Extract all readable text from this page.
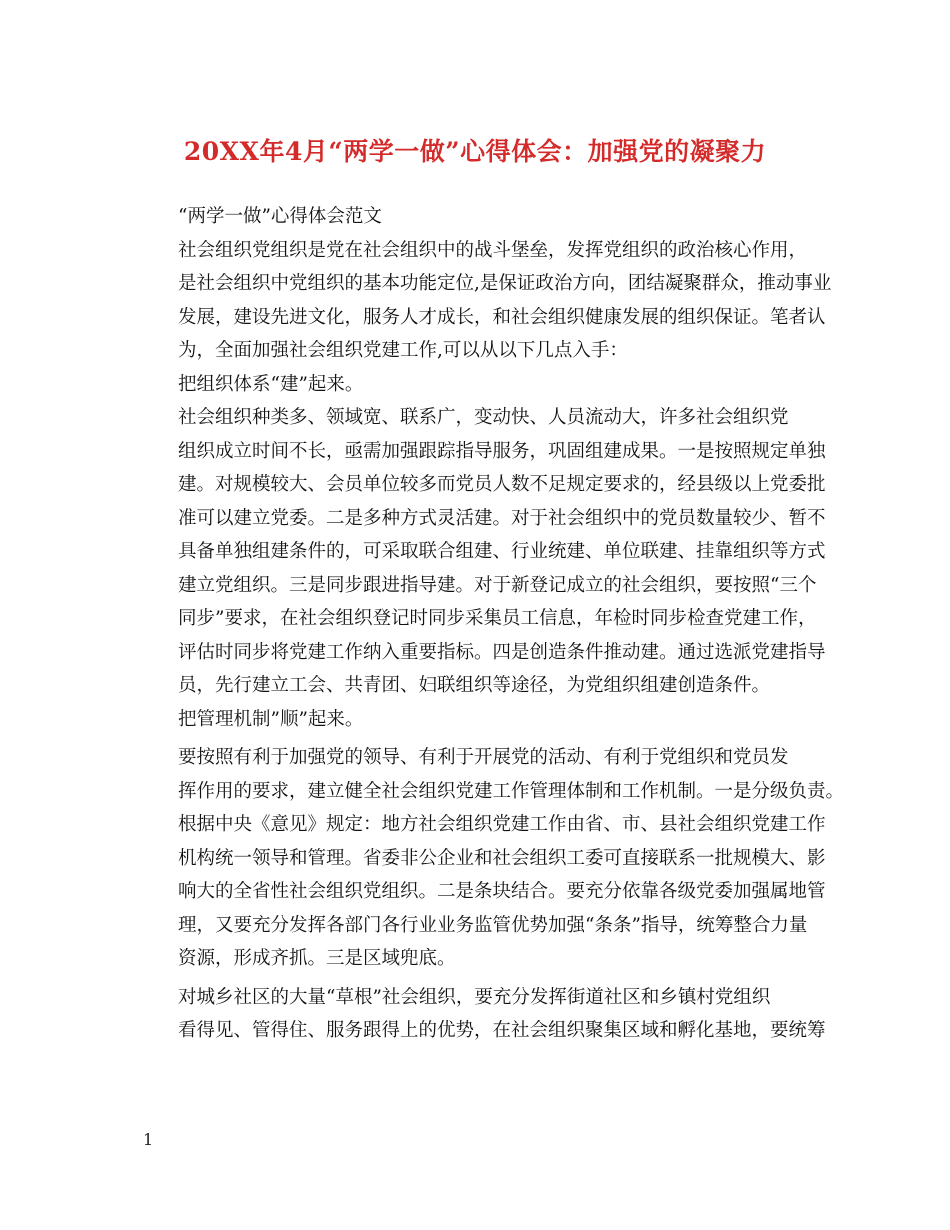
20XX年4月“两学一做”心得体会：加强党的凝聚力
“两学一做”心得体会范文
社会组织党组织是党在社会组织中的战斗堡垒，发挥党组织的政治核心作用，
是社会组织中党组织的基本功能定位,是保证政治方向，团结凝聚群众，推动事业
发展，建设先进文化，服务人才成长，和社会组织健康发展的组织保证。笔者认
为，全面加强社会组织党建工作,可以从以下几点入手：
把组织体系“建”起来。
社会组织种类多、领域宽、联系广，变动快、人员流动大，许多社会组织党
组织成立时间不长，亟需加强跟踪指导服务，巩固组建成果。一是按照规定单独
建。对规模较大、会员单位较多而党员人数不足规定要求的，经县级以上党委批
准可以建立党委。二是多种方式灵活建。对于社会组织中的党员数量较少、暂不
具备单独组建条件的，可采取联合组建、行业统建、单位联建、挂靠组织等方式
建立党组织。三是同步跟进指导建。对于新登记成立的社会组织，要按照“三个
同步”要求，在社会组织登记时同步采集员工信息，年检时同步检查党建工作，
评估时同步将党建工作纳入重要指标。四是创造条件推动建。通过选派党建指导
员，先行建立工会、共青团、妇联组织等途径，为党组织组建创造条件。
把管理机制”顺”起来。
要按照有利于加强党的领导、有利于开展党的活动、有利于党组织和党员发
挥作用的要求，建立健全社会组织党建工作管理体制和工作机制。一是分级负责。
根据中央《意见》规定：地方社会组织党建工作由省、市、县社会组织党建工作
机构统一领导和管理。省委非公企业和社会组织工委可直接联系一批规模大、影
响大的全省性社会组织党组织。二是条块结合。要充分依靠各级党委加强属地管
理，又要充分发挥各部门各行业业务监管优势加强“条条”指导，统筹整合力量
资源，形成齐抓。三是区域兜底。
对城乡社区的大量“草根”社会组织，要充分发挥街道社区和乡镇村党组织
看得见、管得住、服务跟得上的优势，在社会组织聚集区域和孵化基地，要统筹
1
